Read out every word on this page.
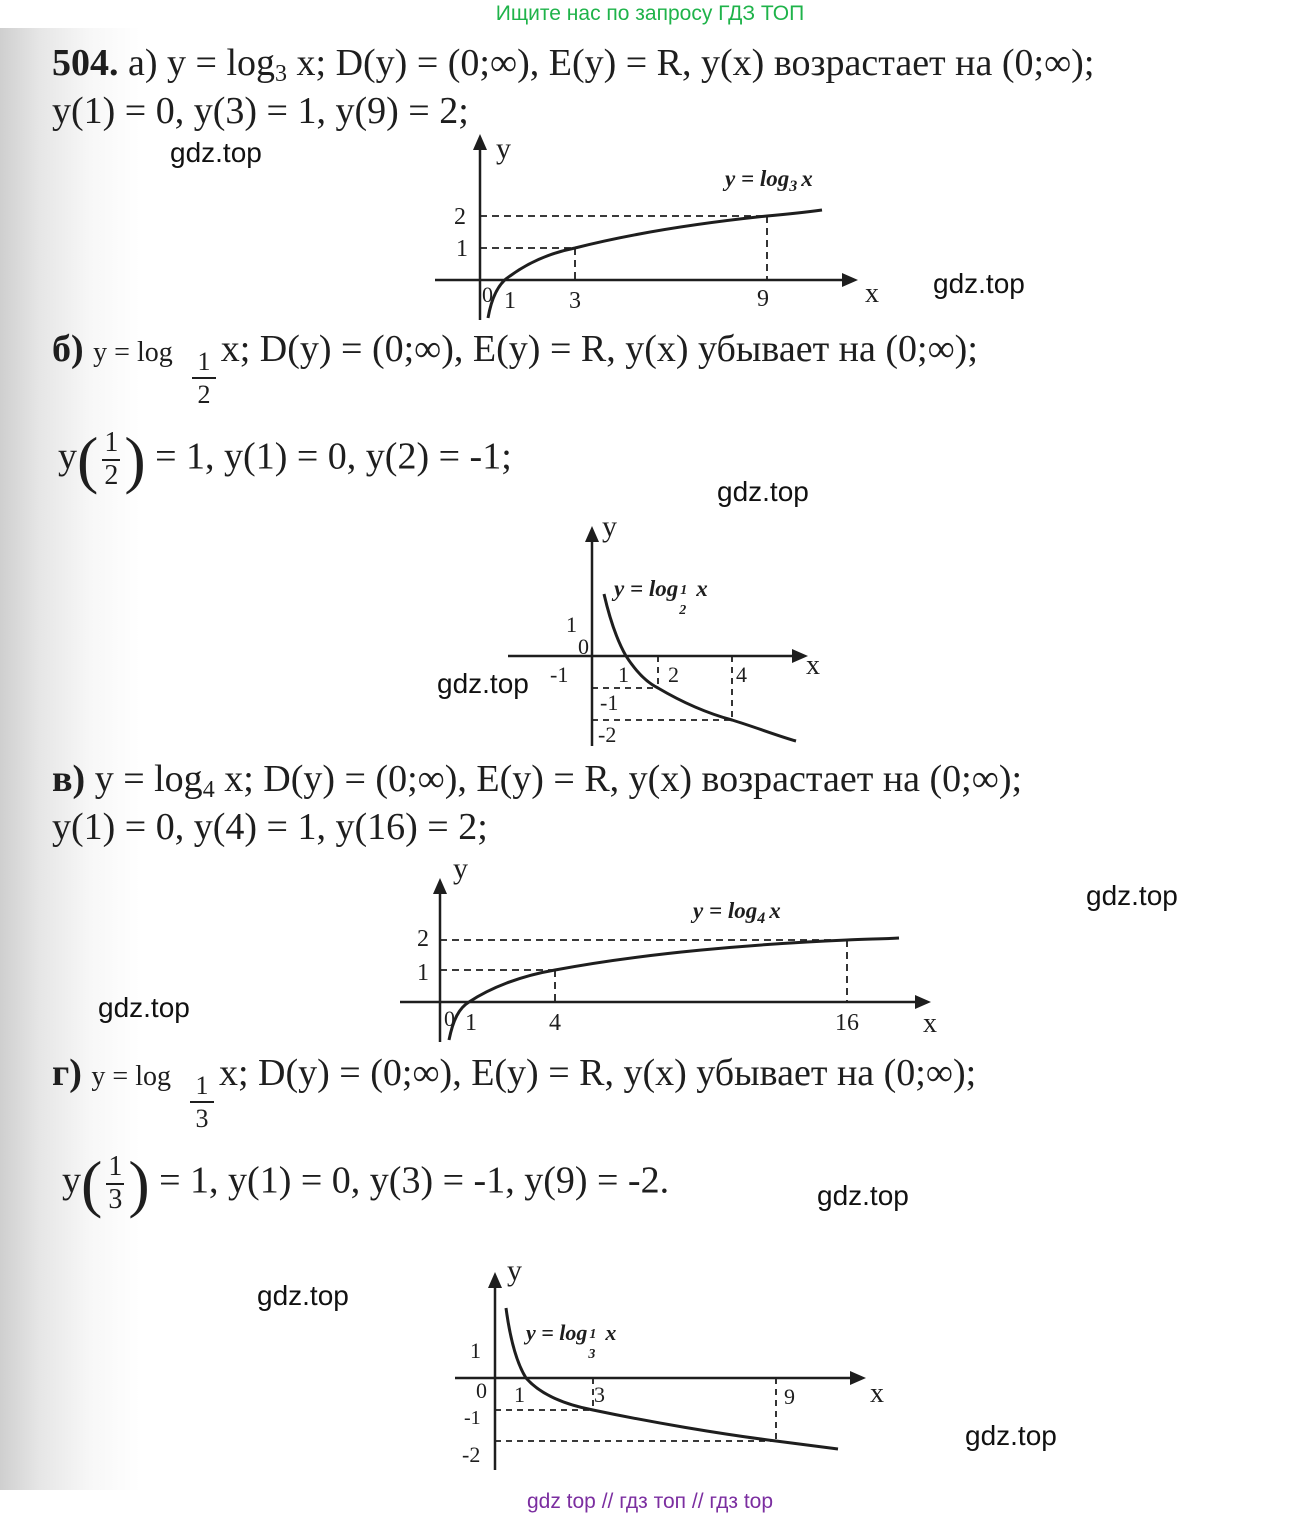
Ищите нас по запросу ГДЗ ТОП
504. а) $y = \log_3 x$; D(y) = (0;∞), E(y) = R, y(x) возрастает на (0;∞);
y(1) = 0, y(3) = 1, y(9) = 2;
gdz.top	y
x
2
1
0 1 3	9
$y = \log_3 x$
gdz.top
б) y = log x; D(y) = (0;∞), E(y) = R, y(x) убывает на (0;∞);
1
2
$y( \frac{1}{2}$ ) = 1, y(1) = 0, y(2) = -1;
gdz.top
y
x
1
0
-1 1 2	4
-1
-2
y = log 1 2x
gdz.top
в) $y = \log_4 x$; D(y) = (0;∞), E(y) = R, y(x) возрастает на (0;∞);
y(1) = 0, y(4) = 1, y(16) = 2;
y
x
2
1
0 1	4	16
$y = \log_4 x$	gdz.top
gdz.top
г) y = log x; D(y) = (0;∞), E(y) = R, y(x) убывает на (0;∞);
1
3
$y( \frac{1}{3}$ ) = 1, y(1) = 0, y(3) = -1, y(9) = -2.	gdz.top
gdz.top
y
x
1
0 1	3	9
-1
-2
y = log 1 3x
gdz.top
gdz top // гдз топ // гдз top
